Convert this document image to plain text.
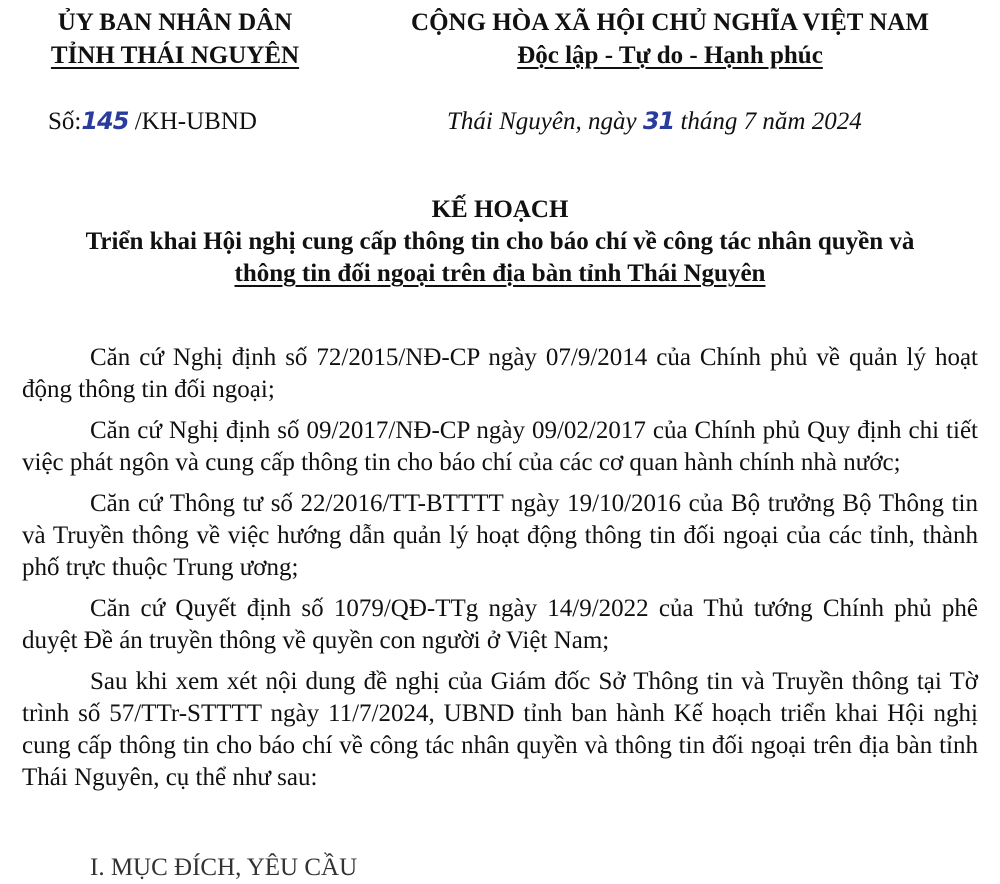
ỦY BAN NHÂN DÂN
TỈNH THÁI NGUYÊN
CỘNG HÒA XÃ HỘI CHỦ NGHĨA VIỆT NAM
Độc lập - Tự do - Hạnh phúc
Số:145 /KH-UBND	Thái Nguyên, ngày 31 tháng 7 năm 2024
KẾ HOẠCH
Triển khai Hội nghị cung cấp thông tin cho báo chí về công tác nhân quyền và
thông tin đối ngoại trên địa bàn tỉnh Thái Nguyên

Căn cứ Nghị định số 72/2015/NĐ-CP ngày 07/9/2014 của Chính phủ về quản lý hoạt động thông tin đối ngoại;

Căn cứ Nghị định số 09/2017/NĐ-CP ngày 09/02/2017 của Chính phủ Quy định chi tiết việc phát ngôn và cung cấp thông tin cho báo chí của các cơ quan hành chính nhà nước;

Căn cứ Thông tư số 22/2016/TT-BTTTT ngày 19/10/2016 của Bộ trưởng Bộ Thông tin và Truyền thông về việc hướng dẫn quản lý hoạt động thông tin đối ngoại của các tỉnh, thành phố trực thuộc Trung ương;

Căn cứ Quyết định số 1079/QĐ-TTg ngày 14/9/2022 của Thủ tướng Chính phủ phê duyệt Đề án truyền thông về quyền con người ở Việt Nam;

Sau khi xem xét nội dung đề nghị của Giám đốc Sở Thông tin và Truyền thông tại Tờ trình số 57/TTr-STTTT ngày 11/7/2024, UBND tỉnh ban hành Kế hoạch triển khai Hội nghị cung cấp thông tin cho báo chí về công tác nhân quyền và thông tin đối ngoại trên địa bàn tỉnh Thái Nguyên, cụ thể như sau:

I. MỤC ĐÍCH, YÊU CẦU
